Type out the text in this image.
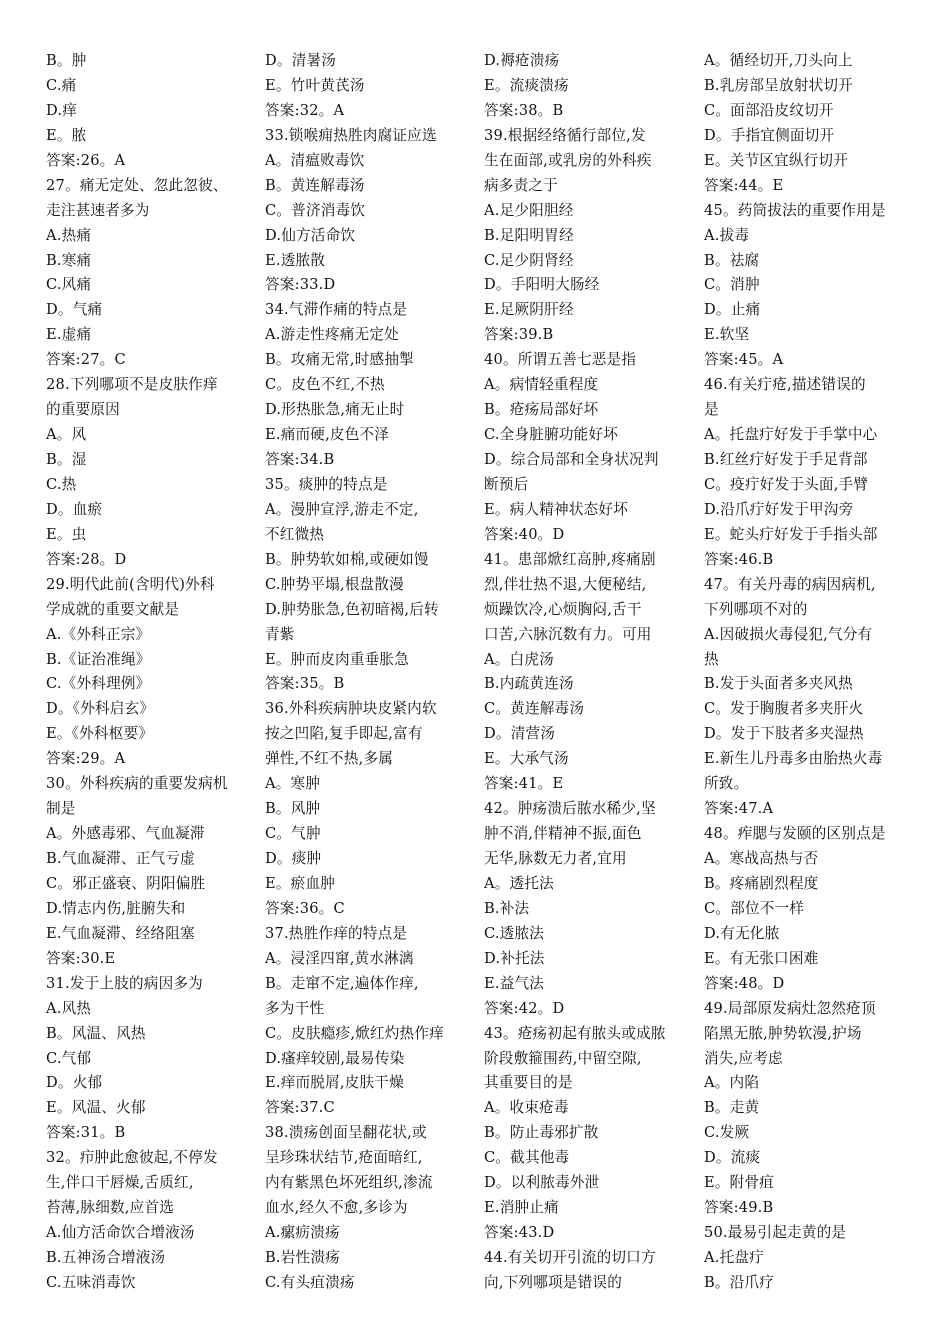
B。肿
C.痛
D.痒
E。脓
答案:26。A
27。痛无定处、忽此忽彼、
走注甚速者多为
A.热痛
B.寒痛
C.风痛
D。气痛
E.虚痛
答案:27。C
28.下列哪项不是皮肤作痒
的重要原因
A。风
B。湿
C.热
D。血瘀
E。虫
答案:28。D
29.明代此前(含明代)外科
学成就的重要文献是
A.《外科正宗》
B.《证治准绳》
C.《外科理例》
D。《外科启玄》
E。《外科枢要》
答案:29。A
30。外科疾病的重要发病机
制是
A。外感毒邪、气血凝滞
B.气血凝滞、正气亏虚
C。邪正盛衰、阴阳偏胜
D.情志内伤,脏腑失和
E.气血凝滞、经络阻塞
答案:30.E
31.发于上肢的病因多为
A.风热
B。风温、风热
C.气郁
D。火郁
E。风温、火郁
答案:31。B
32。疖肿此愈彼起,不停发
生,伴口干唇燥,舌质红,
苔薄,脉细数,应首选
A.仙方活命饮合增液汤
B.五神汤合增液汤
C.五味消毒饮
D。清暑汤
E。竹叶黄芪汤
答案:32。A
33.锁喉痈热胜肉腐证应选
A。清瘟败毒饮
B。黄连解毒汤
C。普济消毒饮
D.仙方活命饮
E.透脓散
答案:33.D
34.气滞作痛的特点是
A.游走性疼痛无定处
B。攻痛无常,时感抽掣
C。皮色不红,不热
D.形热胀急,痛无止时
E.痛而硬,皮色不泽
答案:34.B
35。痰肿的特点是
A。漫肿宣浮,游走不定,
不红微热
B。肿势软如棉,或硬如馒
C.肿势平塌,根盘散漫
D.肿势胀急,色初暗褐,后转
青紫
E。肿而皮肉重垂胀急
答案:35。B
36.外科疾病肿块皮紧内软
按之凹陷,复手即起,富有
弹性,不红不热,多属
A。寒肿
B。风肿
C。气肿
D。痰肿
E。瘀血肿
答案:36。C
37.热胜作痒的特点是
A。浸淫四窜,黄水淋漓
B。走窜不定,遍体作痒,
多为干性
C。皮肤瘾疹,焮红灼热作痒
D.瘙痒较剧,最易传染
E.痒而脱屑,皮肤干燥
答案:37.C
38.溃疡创面呈翻花状,或
呈珍珠状结节,疮面暗红,
内有紫黑色坏死组织,渗流
血水,经久不愈,多诊为
A.瘰疬溃疡
B.岩性溃疡
C.有头疽溃疡
D.褥疮溃疡
E。流痰溃疡
答案:38。B
39.根据经络循行部位,发
生在面部,或乳房的外科疾
病多责之于
A.足少阳胆经
B.足阳明胃经
C.足少阴肾经
D。手阳明大肠经
E.足厥阴肝经
答案:39.B
40。所谓五善七恶是指
A。病情轻重程度
B。疮疡局部好坏
C.全身脏腑功能好坏
D。综合局部和全身状况判
断预后
E。病人精神状态好坏
答案:40。D
41。患部焮红高肿,疼痛剧
烈,伴壮热不退,大便秘结,
烦躁饮冷,心烦胸闷,舌干
口苦,六脉沉数有力。可用
A。白虎汤
B.内疏黄连汤
C。黄连解毒汤
D。清营汤
E。大承气汤
答案:41。E
42。肿疡溃后脓水稀少,坚
肿不消,伴精神不振,面色
无华,脉数无力者,宜用
A。透托法
B.补法
C.透脓法
D.补托法
E.益气法
答案:42。D
43。疮疡初起有脓头或成脓
阶段敷箍围药,中留空隙,
其重要目的是
A。收束疮毒
B。防止毒邪扩散
C。截其他毒
D。以利脓毒外泄
E.消肿止痛
答案:43.D
44.有关切开引流的切口方
向,下列哪项是错误的
A。循经切开,刀头向上
B.乳房部呈放射状切开
C。面部沿皮纹切开
D。手指宜侧面切开
E。关节区宜纵行切开
答案:44。E
45。药筒拔法的重要作用是
A.拔毒
B。祛腐
C。消肿
D。止痛
E.软坚
答案:45。A
46.有关疔疮,描述错误的
是
A。托盘疔好发于手掌中心
B.红丝疔好发于手足背部
C。疫疔好发于头面,手臂
D.沿爪疔好发于甲沟旁
E。蛇头疔好发于手指头部
答案:46.B
47。有关丹毒的病因病机,
下列哪项不对的
A.因破损火毒侵犯,气分有
热
B.发于头面者多夹风热
C。发于胸腹者多夹肝火
D。发于下肢者多夹湿热
E.新生儿丹毒多由胎热火毒
所致。
答案:47.A
48。痄腮与发颐的区别点是
A。寒战高热与否
B。疼痛剧烈程度
C。部位不一样
D.有无化脓
E。有无张口困难
答案:48。D
49.局部原发病灶忽然疮顶
陷黑无脓,肿势软漫,护场
消失,应考虑
A。内陷
B。走黄
C.发厥
D。流痰
E。附骨疽
答案:49.B
50.最易引起走黄的是
A.托盘疔
B。沿爪疗
